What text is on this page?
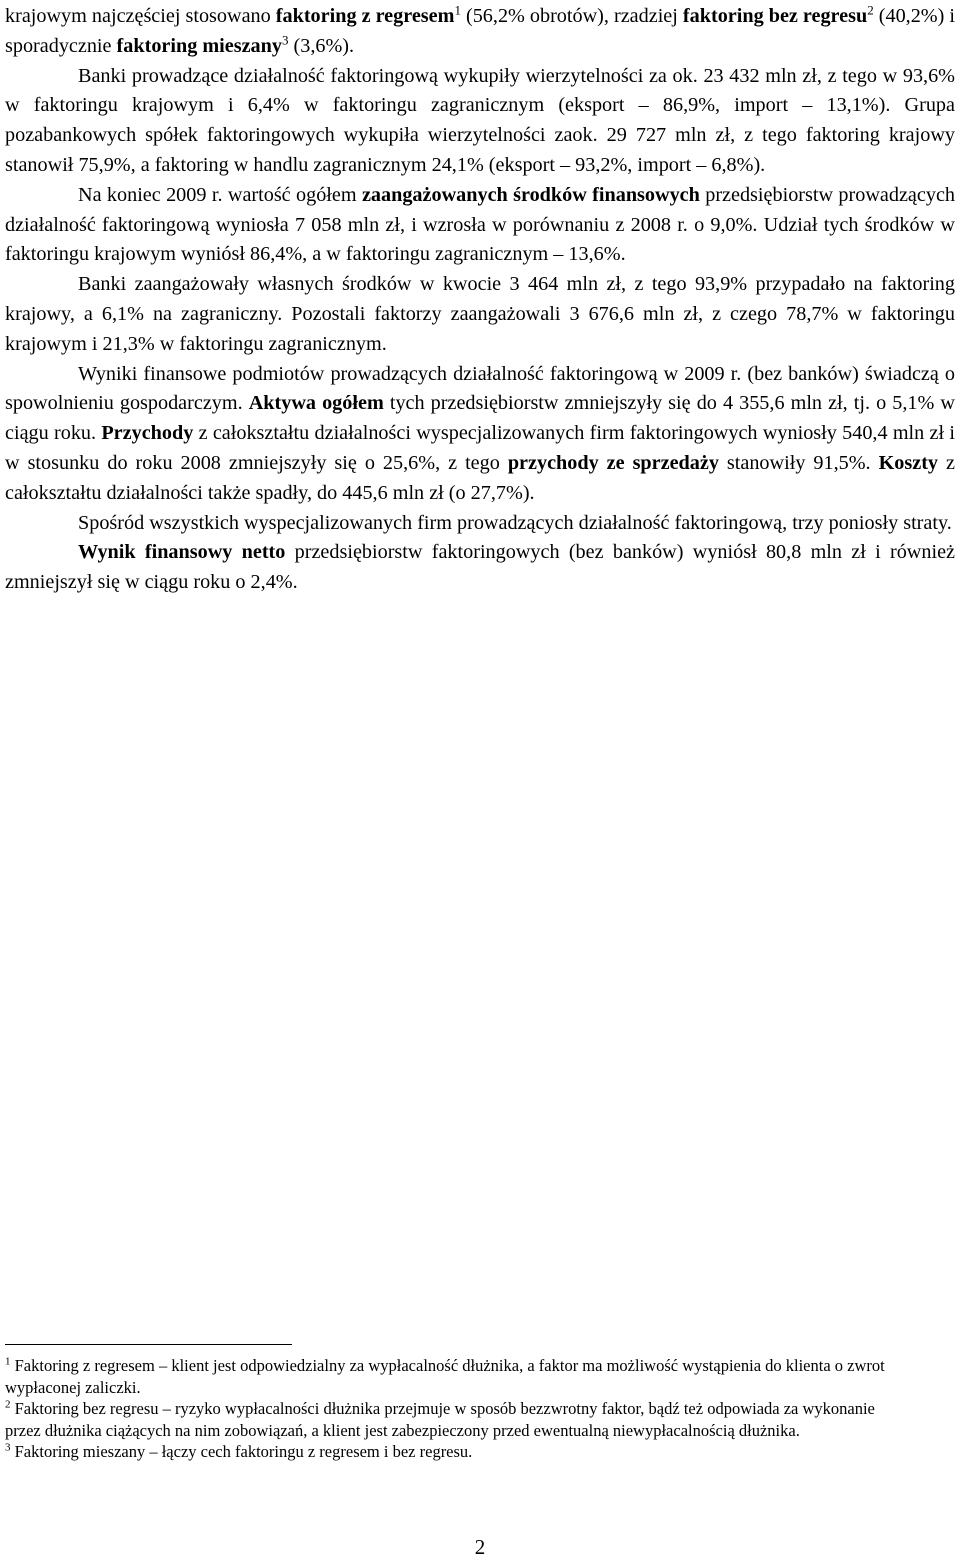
krajowym najczęściej stosowano faktoring z regresem$^1$ (56,2% obrotów), rzadziej faktoring bez regresu$^2$ (40,2%) i sporadycznie faktoring mieszany$^3$ (3,6%).

Banki prowadzące działalność faktoringową wykupiły wierzytelności za ok. 23 432 mln zł, z tego w 93,6% w faktoringu krajowym i 6,4% w faktoringu zagranicznym (eksport – 86,9%, import – 13,1%). Grupa pozabankowych spółek faktoringowych wykupiła wierzytelności zaok. 29 727 mln zł, z tego faktoring krajowy stanowił 75,9%, a faktoring w handlu zagranicznym 24,1% (eksport – 93,2%, import – 6,8%).

Na koniec 2009 r. wartość ogółem zaangażowanych środków finansowych przedsiębiorstw prowadzących działalność faktoringową wyniosła 7 058 mln zł, i wzrosła w porównaniu z 2008 r. o 9,0%. Udział tych środków w faktoringu krajowym wyniósł 86,4%, a w faktoringu zagranicznym – 13,6%.

Banki zaangażowały własnych środków w kwocie 3 464 mln zł, z tego 93,9% przypadało na faktoring krajowy, a 6,1% na zagraniczny. Pozostali faktorzy zaangażowali 3 676,6 mln zł, z czego 78,7% w faktoringu krajowym i 21,3% w faktoringu zagranicznym.

Wyniki finansowe podmiotów prowadzących działalność faktoringową w 2009 r. (bez banków) świadczą o spowolnieniu gospodarczym. Aktywa ogółem tych przedsiębiorstw zmniejszyły się do 4 355,6 mln zł, tj. o 5,1% w ciągu roku. Przychody z całokształtu działalności wyspecjalizowanych firm faktoringowych wyniosły 540,4 mln zł i w stosunku do roku 2008 zmniejszyły się o 25,6%, z tego przychody ze sprzedaży stanowiły 91,5%. Koszty z całokształtu działalności także spadły, do 445,6 mln zł (o 27,7%).

Spośród wszystkich wyspecjalizowanych firm prowadzących działalność faktoringową, trzy poniosły straty.

Wynik finansowy netto przedsiębiorstw faktoringowych (bez banków) wyniósł 80,8 mln zł i również zmniejszył się w ciągu roku o 2,4%.

$^1$ Faktoring z regresem – klient jest odpowiedzialny za wypłacalność dłużnika, a faktor ma możliwość wystąpienia do klienta o zwrot wypłaconej zaliczki.

$^2$ Faktoring bez regresu – ryzyko wypłacalności dłużnika przejmuje w sposób bezzwrotny faktor, bądź też odpowiada za wykonanie przez dłużnika ciążących na nim zobowiązań, a klient jest zabezpieczony przed ewentualną niewypłacalnością dłużnika.

$^3$ Faktoring mieszany – łączy cech faktoringu z regresem i bez regresu.

2
